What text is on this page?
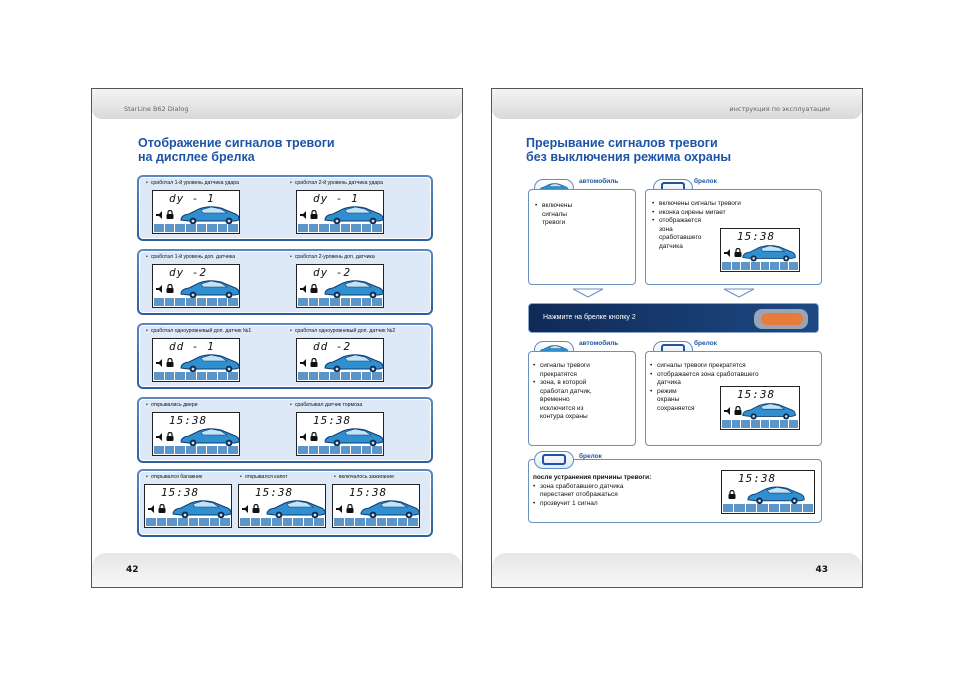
StarLine B62 Dialog
Отображение сигналов тревоги
на дисплее брелка
• сработал 1-й уровень датчика удара
dy - 1
• сработал 2-й уровень датчика удара
dy - 1
• сработал 1-й уровень доп. датчика
dy -2
• сработал 2-уровень доп. датчика
dy -2
• сработал одноуровневый доп. датчик №1
dd - 1
• сработал одноуровневый доп. датчик №2
dd -2
• открывались двери
15:38
• срабатывал датчик тормоза
15:38
• открывался багажник
15:38
• открывался капот
15:38
• включалось зажигание
15:38
42
инструкция по эксплуатации
Прерывание сигналов тревоги
без выключения режима охраны
автомобиль	брелок
• включены
сигналы
тревоги
• включены сигналы тревоги
• иконка сирены мигает
• отображается
зона
сработавшего
датчика
15:38
Нажмите на брелке кнопку 2
автомобиль	брелок
• сигналы тревоги
прекратятся
• зона, в которой
сработал датчик,
временно
исключится из
контура охраны
• сигналы тревоги прекратятся
• отображается зона сработавшего
датчика
• режим
охраны
сохраняется
15:38
после устранения причины тревоги:
• зона сработавшего датчика
перестанет отображаться
• прозвучит 1 сигнал
15:38
брелок
43
